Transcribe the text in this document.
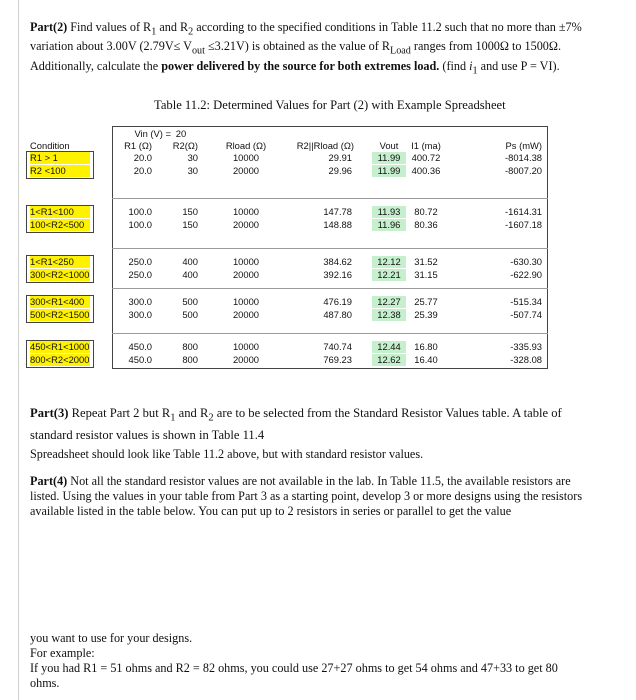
Part(2) Find values of $R_1$ and $R_2$ according to the specified conditions in Table 11.2 such that no more than ±7% variation about 3.00V $(2.79V\le V_{out} \le 3.21V)$ is obtained as the value of $R_{Load}$ ranges from 1000Ω to 1500Ω. Additionally, calculate the power delivered by the source for both extremes load. (find $i_1$ and use P = VI).
Table 11.2: Determined Values for Part (2) with Example Spreadsheet
Vin (V) = 20
Condition	R1 (Ω)	R2(Ω)	Rload (Ω)	R2||Rload (Ω)	Vout	I1 (ma)	Ps (mW)
R1 > 1	20.0	30	10000	29.91	11.99	400.72	-8014.38
R2 <100	20.0	30	20000	29.96	11.99	400.36	-8007.20
1<R1<100	100.0	150	10000	147.78	11.93	80.72	-1614.31
100<R2<500	100.0	150	20000	148.88	11.96	80.36	-1607.18
1<R1<250	250.0	400	10000	384.62	12.12	31.52	-630.30
300<R2<1000	250.0	400	20000	392.16	12.21	31.15	-622.90
300<R1<400	300.0	500	10000	476.19	12.27	25.77	-515.34
500<R2<1500	300.0	500	20000	487.80	12.38	25.39	-507.74
450<R1<1000	450.0	800	10000	740.74	12.44	16.80	-335.93
800<R2<2000	450.0	800	20000	769.23	12.62	16.40	-328.08
Part(3) Repeat Part 2 but $R_1$ and $R_2$ are to be selected from the Standard Resistor Values table. A table of standard resistor values is shown in Table 11.4
Spreadsheet should look like Table 11.2 above, but with standard resistor values.
Part(4) Not all the standard resistor values are not available in the lab. In Table 11.5, the available resistors are listed. Using the values in your table from Part 3 as a starting point, develop 3 or more designs using the resistors available listed in the table below. You can put up to 2 resistors in series or parallel to get the value
you want to use for your designs.
For example:
If you had R1 = 51 ohms and R2 = 82 ohms, you could use 27+27 ohms to get 54 ohms and 47+33 to get 80 ohms.
